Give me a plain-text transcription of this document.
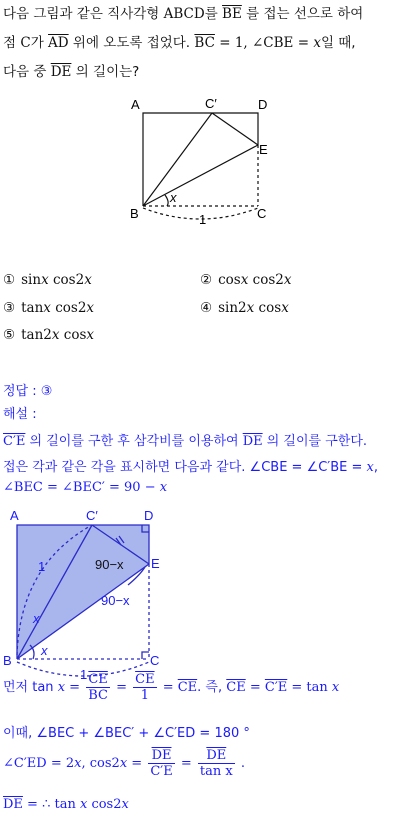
다음 그림과 같은 직사각형 ABCD를 $\overline{BE}$ 를 접는 선으로 하여
점 C가 $\overline{AD}$ 위에 오도록 접었다. $\overline{BC} = 1$, ∠CBE = x일 때,
다음 중 $\overline{DE}$ 의 길이는?
A	C′	D
E
B	C
x
1
① sinx cos2x	② cosx cos2x
③ tanx cos2x	④ sin2x cosx
⑤ tan2x cosx
정답 : ③
해설 :
C′E 의 길이를 구한 후 삼각비를 이용하여 $\overline{DE}$ 의 길이를 구한다.
접은 각과 같은 각을 표시하면 다음과 같다. ∠CBE = ∠C′BE = x,
∠BEC = ∠BEC′ = 90 − x
A	C′	D
E
B	C
1	90−x
90−x
x
x
1
먼저 $\tan x = \frac{\overline{CE}}{BC} = \frac{\overline{CE}}{1} = \overline{CE}$. 즉, $\overline{CE} = C'E = \tan x$
이때, ∠BEC + ∠BEC′ + ∠C′ED = 180 °
∠C′ED = 2x, $\cos 2x = \frac{\overline{DE}}{C'E} = \frac{\overline{DE}}{\text{tan x}}$ .
$\overline{DE}$ = ∴ tan x cos2x
